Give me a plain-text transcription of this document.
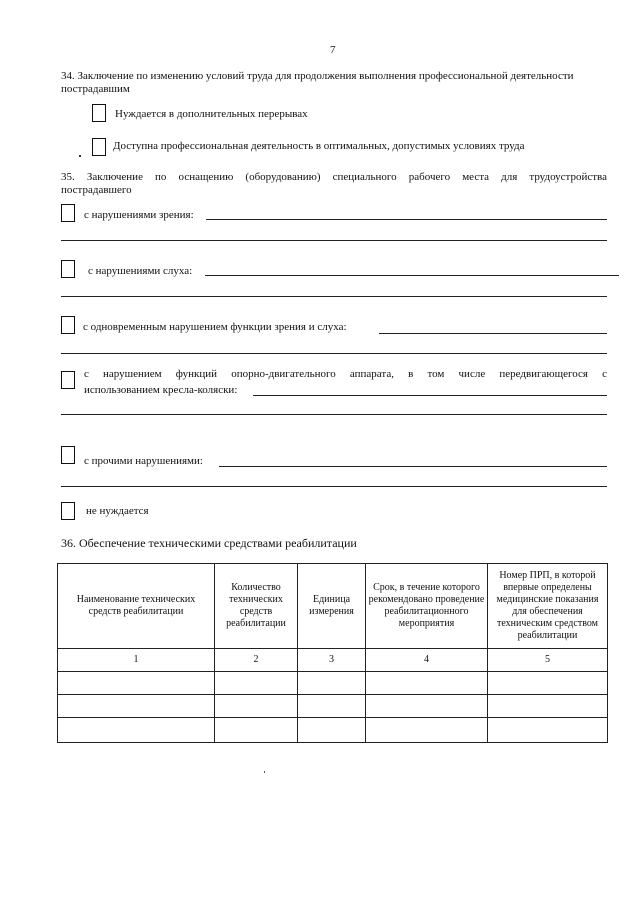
7
34. Заключение по изменению условий труда для продолжения выполнения профессиональной деятельности
пострадавшим
Нуждается в дополнительных перерывах
Доступна профессиональная деятельность в оптимальных, допустимых условиях труда
35. Заключение по оснащению (оборудованию) специального рабочего места для трудоустройства
пострадавшего
с нарушениями зрения:
с нарушениями слуха:
с одновременным нарушением функции зрения и слуха:
с нарушением функций опорно-двигательного аппарата, в том числе передвигающегося с
использованием кресла-коляски:
с прочими нарушениями:
не нуждается
36. Обеспечение техническими средствами реабилитации
Наименование технических средств реабилитации	Количество технических средств реабилитации	Единица измерения	Срок, в течение которого рекомендовано проведение реабилитационного мероприятия	Номер ПРП, в которой впервые определены медицинские показания для обеспечения техническим средством реабилитации
1	2	3	4	5
